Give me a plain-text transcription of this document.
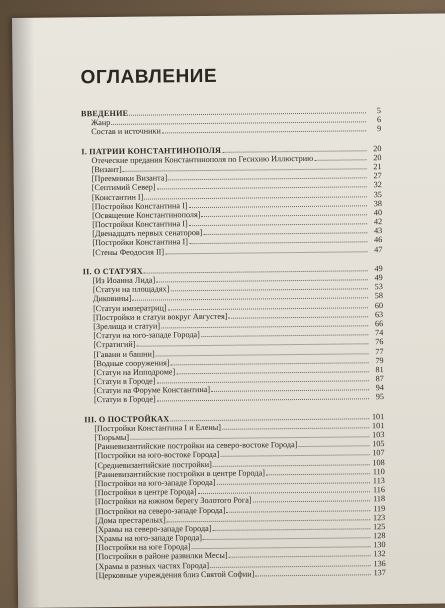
ОГЛАВЛЕНИЕ
ВВЕДЕНИЕ	5
Жанр	6
Состав и источники	9
I. ПАТРИИ КОНСТАНТИНОПОЛЯ	20
Отеческие предания Константинополя по Гесихию Иллюстрию	20
[Визант]	21
[Преемники Византа]	27
[Септимий Север]	32
[Константин I]	35
[Постройки Константина I]	38
[Освящение Константинополя]	40
[Постройки Константина I]	42
[Двенадцать первых сенаторов]	43
[Постройки Константина I]	46
[Стены Феодосия II]	47
II. О СТАТУЯХ	49
[Из Иоанна Лида]	49
[Статуи на площадях]	53
Диковины]	58
[Статуи императриц]	60
[Постройки и статуи вокруг Августея]	63
[Зрелища и статуи]	66
[Статуи на юго-западе Города]	74
[Стратигий]	76
[Гавани и башни]	77
[Водные сооружения]	79
[Статуи на Ипподроме]	81
[Статуи в Городе]	87
[Статуи на Форуме Константина]	94
[Статуи в Городе]	95
III. О ПОСТРОЙКАХ	101
[Постройки Константина I и Елены]	101
[Тюрьмы]	103
[Ранневизантийские постройки на северо-востоке Города]	105
[Постройки на юго-востоке Города]	107
[Средневизантийские постройки]	108
[Ранневизантийские постройки в центре Города]	110
[Постройки на юго-западе Города]	113
[Постройки в центре Города]	116
[Постройки на южном берегу Золотого Рога]	118
[Постройки на северо-западе Города]	119
[Дома престарелых]	123
[Храмы на северо-западе Города]	125
[Храмы на юго-западе Города]	128
[Постройки на юге Города]	130
[Постройки в районе развилки Месы]	132
[Храмы в разных частях Города]	136
[Церковные учреждения близ Святой Софии]	137
